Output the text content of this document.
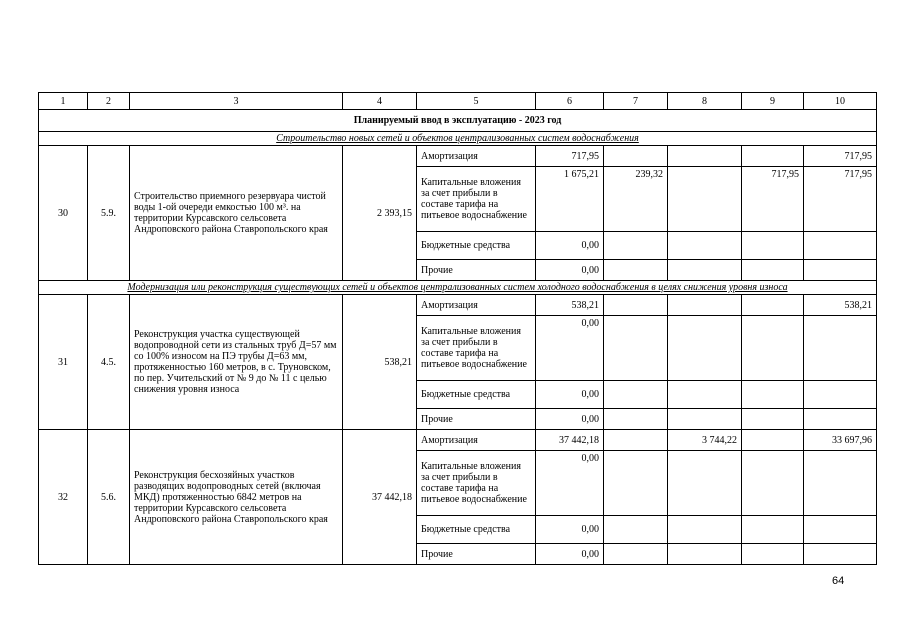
1	2	3	4	5	6	7	8	9	10
Планируемый ввод в эксплуатацию - 2023 год									
Строительство новых сетей и объектов централизованных систем водоснабжения									
30	5.9.	Строительство приемного резервуара чистой воды 1-ой очереди емкостью 100 м³. на территории Курсавского сельсовета Андроповского района Ставропольского края	2 393,15	Амортизация	717,95				717,95
				Капитальные вложения за счет прибыли в составе тарифа на питьевое водоснабжение	1 675,21	239,32		717,95	717,95
				Бюджетные средства	0,00				
				Прочие	0,00				
Модернизация или реконструкция существующих сетей и объектов централизованных систем холодного водоснабжения в целях снижения уровня износа									
31	4.5.	Реконструкция участка существующей водопроводной сети из стальных труб Д=57 мм со 100% износом на ПЭ трубы Д=63 мм, протяженностью 160 метров, в с. Труновском, по пер. Учительский от № 9 до № 11 с целью снижения уровня износа	538,21	Амортизация	538,21				538,21
				Капитальные вложения за счет прибыли в составе тарифа на питьевое водоснабжение	0,00				
				Бюджетные средства	0,00				
				Прочие	0,00				
32	5.6.	Реконструкция бесхозяйных участков разводящих водопроводных сетей (включая МКД) протяженностью 6842 метров на территории Курсавского сельсовета Андроповского района Ставропольского края	37 442,18	Амортизация	37 442,18		3 744,22		33 697,96
				Капитальные вложения за счет прибыли в составе тарифа на питьевое водоснабжение	0,00				
				Бюджетные средства	0,00				
				Прочие	0,00				
64
